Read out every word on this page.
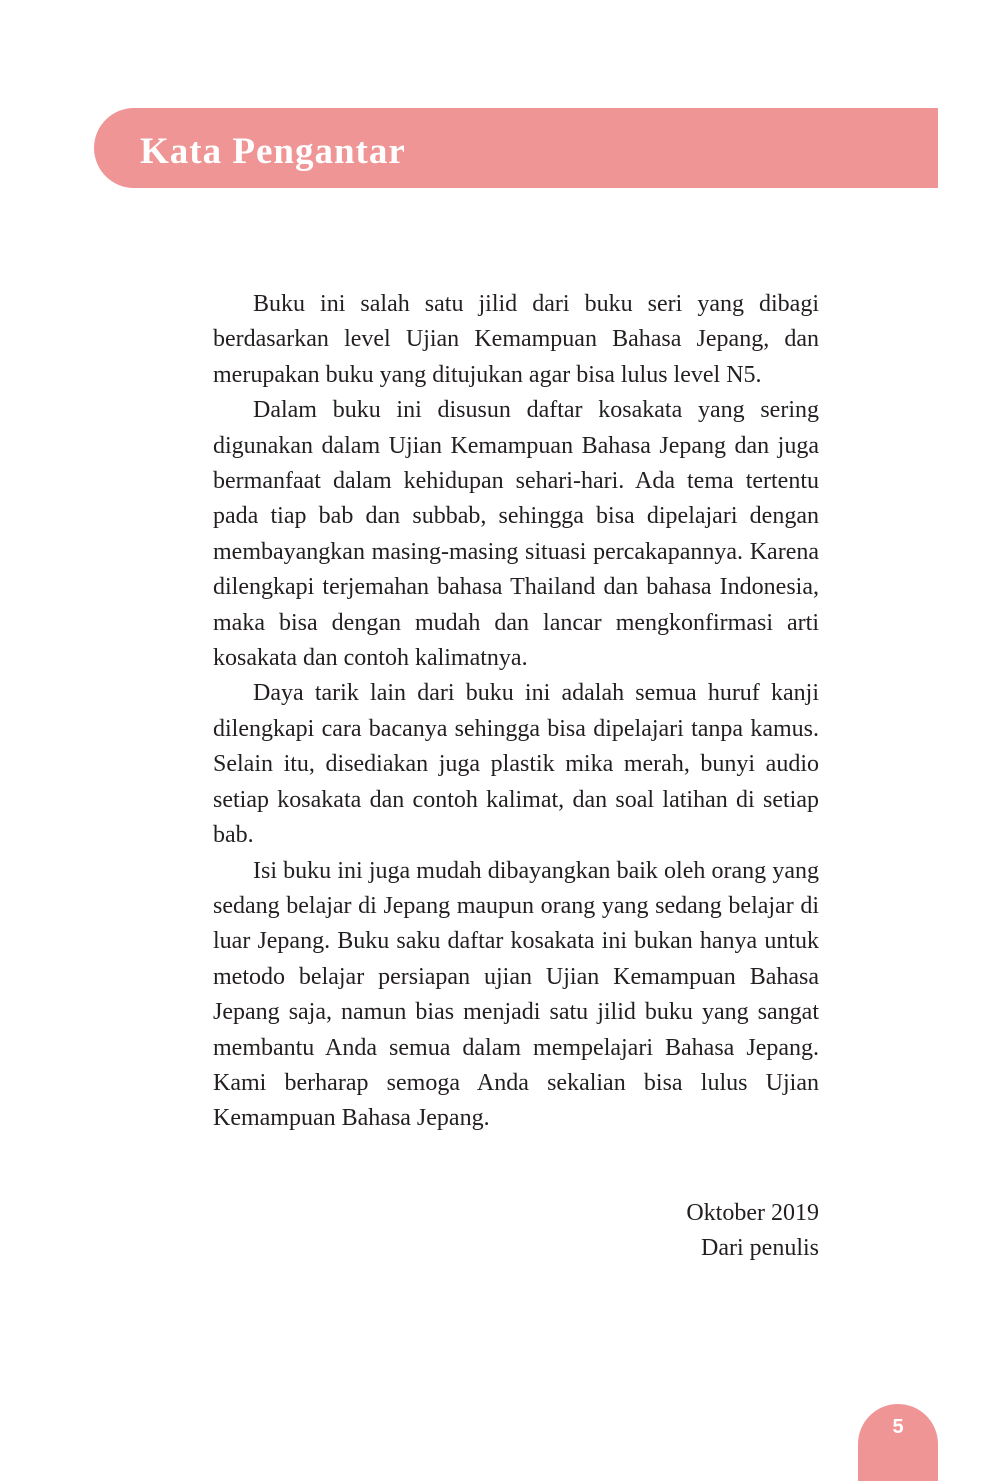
Kata Pengantar

Buku ini salah satu jilid dari buku seri yang dibagi berdasarkan level Ujian Kemampuan Bahasa Jepang, dan merupakan buku yang ditujukan agar bisa lulus level N5.

Dalam buku ini disusun daftar kosakata yang sering digunakan dalam Ujian Kemampuan Bahasa Jepang dan juga bermanfaat dalam kehidupan sehari-hari. Ada tema tertentu pada tiap bab dan subbab, sehingga bisa dipelajari dengan membayangkan masing-masing situasi percakapannya. Karena dilengkapi terjemahan bahasa Thailand dan bahasa Indonesia, maka bisa dengan mudah dan lancar mengkonfirmasi arti kosakata dan contoh kalimatnya.

Daya tarik lain dari buku ini adalah semua huruf kanji dilengkapi cara bacanya sehingga bisa dipelajari tanpa kamus. Selain itu, disediakan juga plastik mika merah, bunyi audio setiap kosakata dan contoh kalimat, dan soal latihan di setiap bab.

Isi buku ini juga mudah dibayangkan baik oleh orang yang sedang belajar di Jepang maupun orang yang sedang belajar di luar Jepang. Buku saku daftar kosakata ini bukan hanya untuk metodo belajar persiapan ujian Ujian Kemampuan Bahasa Jepang saja, namun bias menjadi satu jilid buku yang sangat membantu Anda semua dalam mempelajari Bahasa Jepang. Kami berharap semoga Anda sekalian bisa lulus Ujian Kemampuan Bahasa Jepang.

Oktober 2019
Dari penulis
5
